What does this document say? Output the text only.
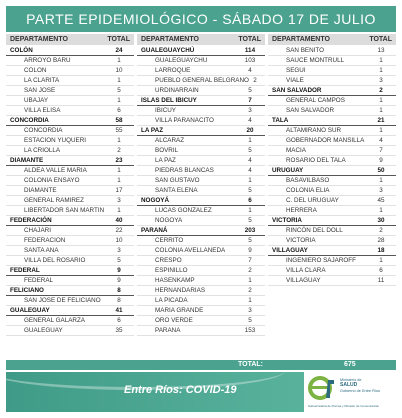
PARTE EPIDEMIOLÓGICO - SÁBADO 17 DE JULIO
DEPARTAMENTO	TOTAL
COLÓN	24
ARROYO BARU	1
COLON	10
LA CLARITA	1
SAN JOSE	5
UBAJAY	1
VILLA ELISA	6
CONCORDIA	58
CONCORDIA	55
ESTACION YUQUERI	1
LA CRIOLLA	2
DIAMANTE	23
ALDEA VALLE MARIA	1
COLONIA ENSAYO	1
DIAMANTE	17
GENERAL RAMIREZ	3
LIBERTADOR SAN MARTIN	1
FEDERACIÓN	40
CHAJARI	22
FEDERACION	10
SANTA ANA	3
VILLA DEL ROSARIO	5
FEDERAL	9
FEDERAL	9
FELICIANO	8
SAN JOSE DE FELICIANO	8
GUALEGUAY	41
GENERAL GALARZA	6
GUALEGUAY	35
DEPARTAMENTO	TOTAL
GUALEGUAYCHÚ	114
GUALEGUAYCHU	103
LARROQUE	4
PUEBLO GENERAL BELGRANO 2
URDINARRAIN	5
ISLAS DEL IBICUY	7
IBICUY	3
VILLA PARANACITO	4
LA PAZ	20
ALCARAZ	1
BOVRIL	5
LA PAZ	4
PIEDRAS BLANCAS	4
SAN GUSTAVO	1
SANTA ELENA	5
NOGOYÁ	6
LUCAS GONZALEZ	1
NOGOYA	5
PARANÁ	203
CERRITO	5
COLONIA AVELLANEDA	9
CRESPO	7
ESPINILLO	2
HASENKAMP	1
HERNANDARIAS	2
LA PICADA	1
MARIA GRANDE	3
ORO VERDE	5
PARANA	153
DEPARTAMENTO	TOTAL
SAN BENITO	13
SAUCE MONTRULL	1
SEGUI	1
VIALE	3
SAN SALVADOR	2
GENERAL CAMPOS	1
SAN SALVADOR	1
TALA	21
ALTAMIRANO SUR	1
GOBERNADOR MANSILLA	4
MACIA	7
ROSARIO DEL TALA	9
URUGUAY	50
BASAVILBASO	1
COLONIA ELIA	3
C. DEL URUGUAY	45
HERRERA	1
VICTORIA	30
RINCÓN DEL DOLL	2
VICTORIA	28
VILLAGUAY	18
INGENIERO SAJAROFF	1
VILLA CLARA	6
VILLAGUAY	11
TOTAL:	675
Entre Ríos: COVID-19
Ministerio de
SALUD
Gobierno de Entre Ríos
Subsecretaría de Prensa y Difusión de Comunicación
